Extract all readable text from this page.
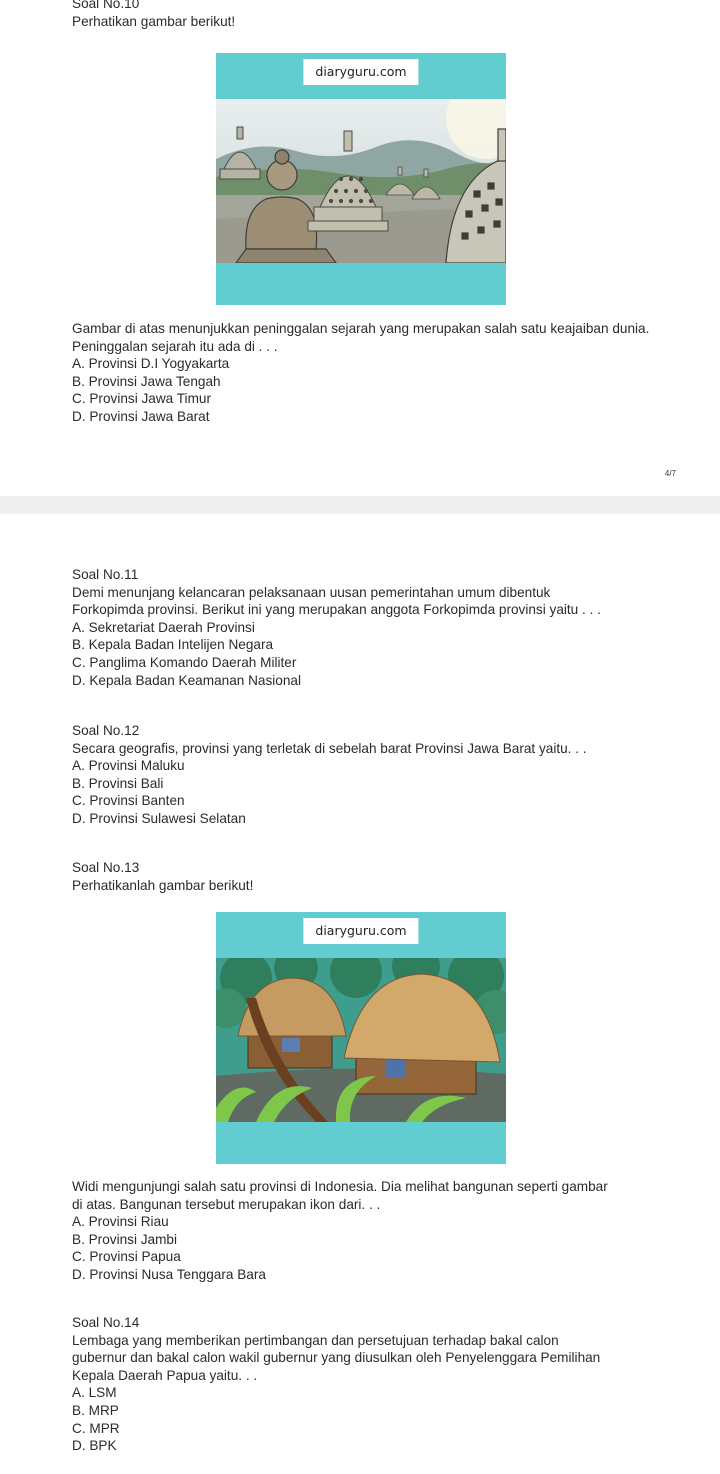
Soal No.10
Perhatikan gambar berikut!
diaryguru.com
Gambar di atas menunjukkan peninggalan sejarah yang merupakan salah satu keajaiban dunia. Peninggalan sejarah itu ada di . . .
A. Provinsi D.I Yogyakarta
B. Provinsi Jawa Tengah
C. Provinsi Jawa Timur
D. Provinsi Jawa Barat
4/7
Soal No.11
Demi menunjang kelancaran pelaksanaan uusan pemerintahan umum dibentuk
Forkopimda provinsi. Berikut ini yang merupakan anggota Forkopimda provinsi yaitu . . .
A. Sekretariat Daerah Provinsi
B. Kepala Badan Intelijen Negara
C. Panglima Komando Daerah Militer
D. Kepala Badan Keamanan Nasional
Soal No.12
Secara geografis, provinsi yang terletak di sebelah barat Provinsi Jawa Barat yaitu. . .
A. Provinsi Maluku
B. Provinsi Bali
C. Provinsi Banten
D. Provinsi Sulawesi Selatan
Soal No.13
Perhatikanlah gambar berikut!
diaryguru.com
Widi mengunjungi salah satu provinsi di Indonesia. Dia melihat bangunan seperti gambar
di atas. Bangunan tersebut merupakan ikon dari. . .
A. Provinsi Riau
B. Provinsi Jambi
C. Provinsi Papua
D. Provinsi Nusa Tenggara Bara
Soal No.14
Lembaga yang memberikan pertimbangan dan persetujuan terhadap bakal calon
gubernur dan bakal calon wakil gubernur yang diusulkan oleh Penyelenggara Pemilihan
Kepala Daerah Papua yaitu. . .
A. LSM
B. MRP
C. MPR
D. BPK
